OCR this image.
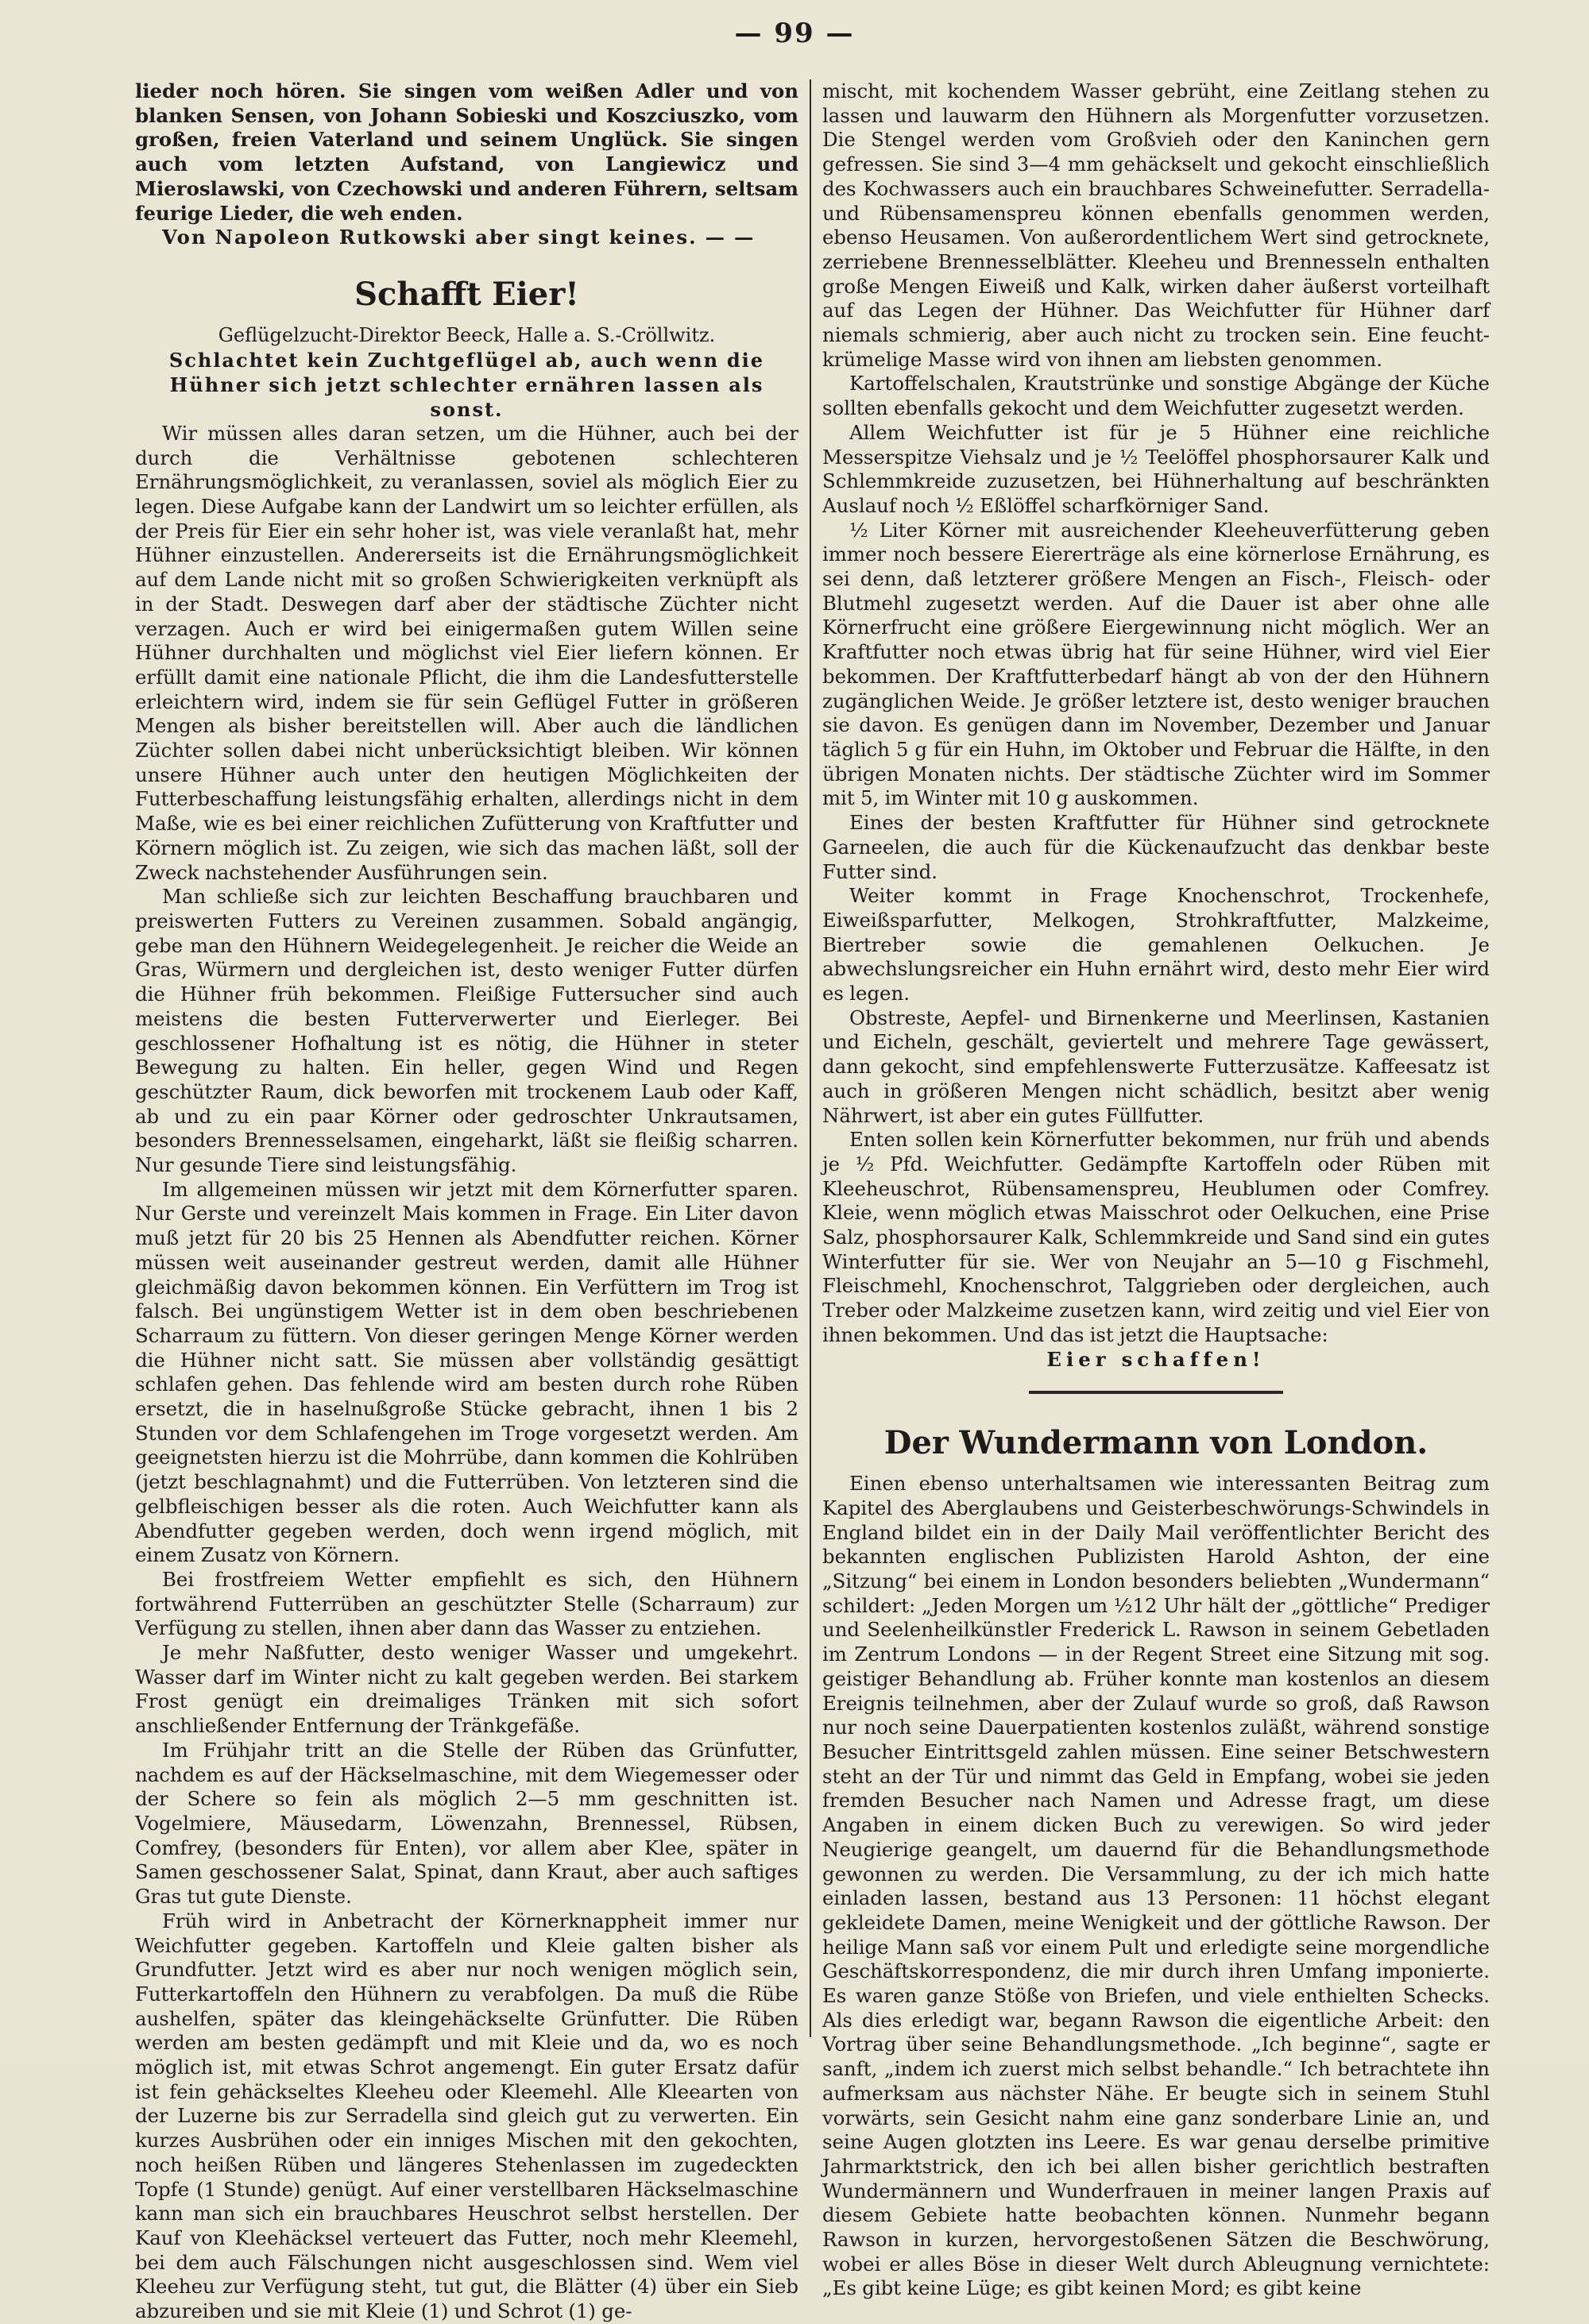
— 99 —

lieder noch hören. Sie singen vom weißen Adler und von blanken Sensen, von Johann Sobieski und Koszciuszko, vom großen, freien Vaterland und seinem Unglück. Sie singen auch vom letzten Aufstand, von Langiewicz und Mieroslawski, von Czechowski und anderen Führern, seltsam feurige Lieder, die weh enden.

Von Napoleon Rutkowski aber singt keines. — —

Schafft Eier!

Geflügelzucht-Direktor Beeck, Halle a. S.-Cröllwitz.

Schlachtet kein Zuchtgeflügel ab, auch wenn die Hühner sich jetzt schlechter ernähren lassen als sonst.

Wir müssen alles daran setzen, um die Hühner, auch bei der durch die Verhältnisse gebotenen schlechteren Ernährungsmöglichkeit, zu veranlassen, soviel als möglich Eier zu legen. Diese Aufgabe kann der Landwirt um so leichter erfüllen, als der Preis für Eier ein sehr hoher ist, was viele veranlaßt hat, mehr Hühner einzustellen. Andererseits ist die Ernährungsmöglichkeit auf dem Lande nicht mit so großen Schwierigkeiten verknüpft als in der Stadt. Deswegen darf aber der städtische Züchter nicht verzagen. Auch er wird bei einigermaßen gutem Willen seine Hühner durchhalten und möglichst viel Eier liefern können. Er erfüllt damit eine nationale Pflicht, die ihm die Landesfutterstelle erleichtern wird, indem sie für sein Geflügel Futter in größeren Mengen als bisher bereitstellen will. Aber auch die ländlichen Züchter sollen dabei nicht unberücksichtigt bleiben. Wir können unsere Hühner auch unter den heutigen Möglichkeiten der Futterbeschaffung leistungsfähig erhalten, allerdings nicht in dem Maße, wie es bei einer reichlichen Zufütterung von Kraftfutter und Körnern möglich ist. Zu zeigen, wie sich das machen läßt, soll der Zweck nachstehender Ausführungen sein.

Man schließe sich zur leichten Beschaffung brauchbaren und preiswerten Futters zu Vereinen zusammen. Sobald angängig, gebe man den Hühnern Weidegelegenheit. Je reicher die Weide an Gras, Würmern und dergleichen ist, desto weniger Futter dürfen die Hühner früh bekommen. Fleißige Futtersucher sind auch meistens die besten Futterverwerter und Eierleger. Bei geschlossener Hofhaltung ist es nötig, die Hühner in steter Bewegung zu halten. Ein heller, gegen Wind und Regen geschützter Raum, dick beworfen mit trockenem Laub oder Kaff, ab und zu ein paar Körner oder gedroschter Unkrautsamen, besonders Brennesselsamen, eingeharkt, läßt sie fleißig scharren. Nur gesunde Tiere sind leistungsfähig.

Im allgemeinen müssen wir jetzt mit dem Körnerfutter sparen. Nur Gerste und vereinzelt Mais kommen in Frage. Ein Liter davon muß jetzt für 20 bis 25 Hennen als Abendfutter reichen. Körner müssen weit auseinander gestreut werden, damit alle Hühner gleichmäßig davon bekommen können. Ein Verfüttern im Trog ist falsch. Bei ungünstigem Wetter ist in dem oben beschriebenen Scharraum zu füttern. Von dieser geringen Menge Körner werden die Hühner nicht satt. Sie müssen aber vollständig gesättigt schlafen gehen. Das fehlende wird am besten durch rohe Rüben ersetzt, die in haselnußgroße Stücke gebracht, ihnen 1 bis 2 Stunden vor dem Schlafengehen im Troge vorgesetzt werden. Am geeignetsten hierzu ist die Mohrrübe, dann kommen die Kohlrüben (jetzt beschlagnahmt) und die Futterrüben. Von letzteren sind die gelbfleischigen besser als die roten. Auch Weichfutter kann als Abendfutter gegeben werden, doch wenn irgend möglich, mit einem Zusatz von Körnern.

Bei frostfreiem Wetter empfiehlt es sich, den Hühnern fortwährend Futterrüben an geschützter Stelle (Scharraum) zur Verfügung zu stellen, ihnen aber dann das Wasser zu entziehen.

Je mehr Naßfutter, desto weniger Wasser und umgekehrt. Wasser darf im Winter nicht zu kalt gegeben werden. Bei starkem Frost genügt ein dreimaliges Tränken mit sich sofort anschließender Entfernung der Tränkgefäße.

Im Frühjahr tritt an die Stelle der Rüben das Grünfutter, nachdem es auf der Häckselmaschine, mit dem Wiegemesser oder der Schere so fein als möglich 2—5 mm geschnitten ist. Vogelmiere, Mäusedarm, Löwenzahn, Brennessel, Rübsen, Comfrey, (besonders für Enten), vor allem aber Klee, später in Samen geschossener Salat, Spinat, dann Kraut, aber auch saftiges Gras tut gute Dienste.

Früh wird in Anbetracht der Körnerknappheit immer nur Weichfutter gegeben. Kartoffeln und Kleie galten bisher als Grundfutter. Jetzt wird es aber nur noch wenigen möglich sein, Futterkartoffeln den Hühnern zu verabfolgen. Da muß die Rübe aushelfen, später das kleingehäckselte Grünfutter. Die Rüben werden am besten gedämpft und mit Kleie und da, wo es noch möglich ist, mit etwas Schrot angemengt. Ein guter Ersatz dafür ist fein gehäckseltes Kleeheu oder Kleemehl. Alle Kleearten von der Luzerne bis zur Serradella sind gleich gut zu verwerten. Ein kurzes Ausbrühen oder ein inniges Mischen mit den gekochten, noch heißen Rüben und längeres Stehenlassen im zugedeckten Topfe (1 Stunde) genügt. Auf einer verstellbaren Häckselmaschine kann man sich ein brauchbares Heuschrot selbst herstellen. Der Kauf von Kleehäcksel verteuert das Futter, noch mehr Kleemehl, bei dem auch Fälschungen nicht ausgeschlossen sind. Wem viel Kleeheu zur Verfügung steht, tut gut, die Blätter (4) über ein Sieb abzureiben und sie mit Kleie (1) und Schrot (1) ge-

mischt, mit kochendem Wasser gebrüht, eine Zeitlang stehen zu lassen und lauwarm den Hühnern als Morgenfutter vorzusetzen. Die Stengel werden vom Großvieh oder den Kaninchen gern gefressen. Sie sind 3—4 mm gehäckselt und gekocht einschließlich des Kochwassers auch ein brauchbares Schweinefutter. Serradella- und Rübensamenspreu können ebenfalls genommen werden, ebenso Heusamen. Von außerordentlichem Wert sind getrocknete, zerriebene Brennesselblätter. Kleeheu und Brennesseln enthalten große Mengen Eiweiß und Kalk, wirken daher äußerst vorteilhaft auf das Legen der Hühner. Das Weichfutter für Hühner darf niemals schmierig, aber auch nicht zu trocken sein. Eine feucht-krümelige Masse wird von ihnen am liebsten genommen.

Kartoffelschalen, Krautstrünke und sonstige Abgänge der Küche sollten ebenfalls gekocht und dem Weichfutter zugesetzt werden.

Allem Weichfutter ist für je 5 Hühner eine reichliche Messerspitze Viehsalz und je ½ Teelöffel phosphorsaurer Kalk und Schlemmkreide zuzusetzen, bei Hühnerhaltung auf beschränkten Auslauf noch ½ Eßlöffel scharfkörniger Sand.

½ Liter Körner mit ausreichender Kleeheuverfütterung geben immer noch bessere Eiererträge als eine körnerlose Ernährung, es sei denn, daß letzterer größere Mengen an Fisch-, Fleisch- oder Blutmehl zugesetzt werden. Auf die Dauer ist aber ohne alle Körnerfrucht eine größere Eiergewinnung nicht möglich. Wer an Kraftfutter noch etwas übrig hat für seine Hühner, wird viel Eier bekommen. Der Kraftfutterbedarf hängt ab von der den Hühnern zugänglichen Weide. Je größer letztere ist, desto weniger brauchen sie davon. Es genügen dann im November, Dezember und Januar täglich 5 g für ein Huhn, im Oktober und Februar die Hälfte, in den übrigen Monaten nichts. Der städtische Züchter wird im Sommer mit 5, im Winter mit 10 g auskommen.

Eines der besten Kraftfutter für Hühner sind getrocknete Garneelen, die auch für die Kückenaufzucht das denkbar beste Futter sind.

Weiter kommt in Frage Knochenschrot, Trockenhefe, Eiweißsparfutter, Melkogen, Strohkraftfutter, Malzkeime, Biertreber sowie die gemahlenen Oelkuchen. Je abwechslungsreicher ein Huhn ernährt wird, desto mehr Eier wird es legen.

Obstreste, Aepfel- und Birnenkerne und Meerlinsen, Kastanien und Eicheln, geschält, geviertelt und mehrere Tage gewässert, dann gekocht, sind empfehlenswerte Futterzusätze. Kaffeesatz ist auch in größeren Mengen nicht schädlich, besitzt aber wenig Nährwert, ist aber ein gutes Füllfutter.

Enten sollen kein Körnerfutter bekommen, nur früh und abends je ½ Pfd. Weichfutter. Gedämpfte Kartoffeln oder Rüben mit Kleeheuschrot, Rübensamenspreu, Heublumen oder Comfrey. Kleie, wenn möglich etwas Maisschrot oder Oelkuchen, eine Prise Salz, phosphorsaurer Kalk, Schlemmkreide und Sand sind ein gutes Winterfutter für sie. Wer von Neujahr an 5—10 g Fischmehl, Fleischmehl, Knochenschrot, Talggrieben oder dergleichen, auch Treber oder Malzkeime zusetzen kann, wird zeitig und viel Eier von ihnen bekommen. Und das ist jetzt die Hauptsache:

Eier schaffen!

Der Wundermann von London.

Einen ebenso unterhaltsamen wie interessanten Beitrag zum Kapitel des Aberglaubens und Geisterbeschwörungs-Schwindels in England bildet ein in der Daily Mail veröffentlichter Bericht des bekannten englischen Publizisten Harold Ashton, der eine „Sitzung“ bei einem in London besonders beliebten „Wundermann“ schildert: „Jeden Morgen um ½12 Uhr hält der „göttliche“ Prediger und Seelenheilkünstler Frederick L. Rawson in seinem Gebetladen im Zentrum Londons — in der Regent Street eine Sitzung mit sog. geistiger Behandlung ab. Früher konnte man kostenlos an diesem Ereignis teilnehmen, aber der Zulauf wurde so groß, daß Rawson nur noch seine Dauerpatienten kostenlos zuläßt, während sonstige Besucher Eintrittsgeld zahlen müssen. Eine seiner Betschwestern steht an der Tür und nimmt das Geld in Empfang, wobei sie jeden fremden Besucher nach Namen und Adresse fragt, um diese Angaben in einem dicken Buch zu verewigen. So wird jeder Neugierige geangelt, um dauernd für die Behandlungsmethode gewonnen zu werden. Die Versammlung, zu der ich mich hatte einladen lassen, bestand aus 13 Personen: 11 höchst elegant gekleidete Damen, meine Wenigkeit und der göttliche Rawson. Der heilige Mann saß vor einem Pult und erledigte seine morgendliche Geschäftskorrespondenz, die mir durch ihren Umfang imponierte. Es waren ganze Stöße von Briefen, und viele enthielten Schecks. Als dies erledigt war, begann Rawson die eigentliche Arbeit: den Vortrag über seine Behandlungsmethode. „Ich beginne“, sagte er sanft, „indem ich zuerst mich selbst behandle.“ Ich betrachtete ihn aufmerksam aus nächster Nähe. Er beugte sich in seinem Stuhl vorwärts, sein Gesicht nahm eine ganz sonderbare Linie an, und seine Augen glotzten ins Leere. Es war genau derselbe primitive Jahrmarktstrick, den ich bei allen bisher gerichtlich bestraften Wundermännern und Wunderfrauen in meiner langen Praxis auf diesem Gebiete hatte beobachten können. Nunmehr begann Rawson in kurzen, hervorgestoßenen Sätzen die Beschwörung, wobei er alles Böse in dieser Welt durch Ableugnung vernichtete: „Es gibt keine Lüge; es gibt keinen Mord; es gibt keine
